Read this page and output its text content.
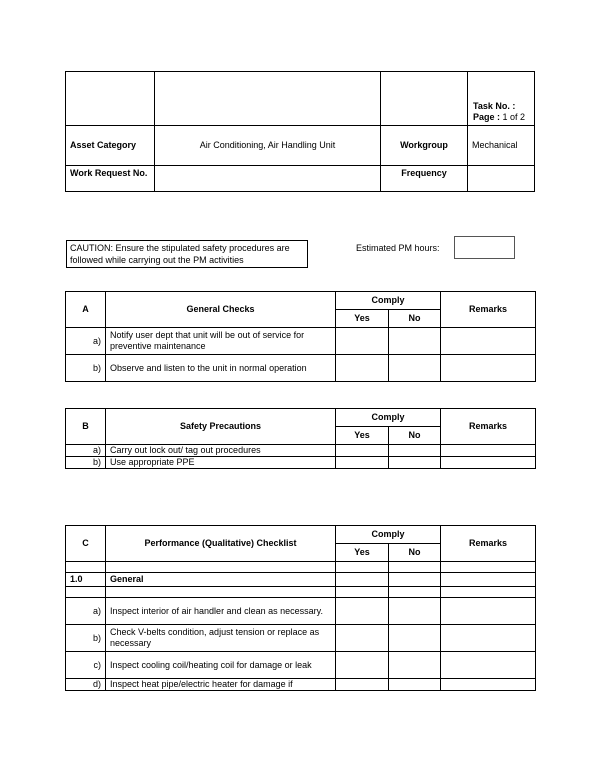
			Task No. :
Page : 1 of 2

Asset Category	Air Conditioning, Air Handling Unit	Workgroup	Mechanical
Work Request No.		Frequency	
CAUTION: Ensure the stipulated safety procedures are followed while carrying out the PM activities
Estimated PM hours:
A	General Checks	Comply		Remarks
		Yes	No	
a)	Notify user dept that unit will be out of service for preventive maintenance			
b)	Observe and listen to the unit in normal operation			
B	Safety Precautions	Comply		Remarks
		Yes	No	
a)	Carry out lock out/ tag out procedures			
b)	Use appropriate PPE			
C	Performance (Qualitative) Checklist	Comply		Remarks
		Yes	No	

1.0	General			

a)	Inspect interior of air handler and clean as necessary.			
b)	Check V-belts condition, adjust tension or replace as necessary			
c)	Inspect cooling coil/heating coil for damage or leak			
d)	Inspect heat pipe/electric heater for damage if			
